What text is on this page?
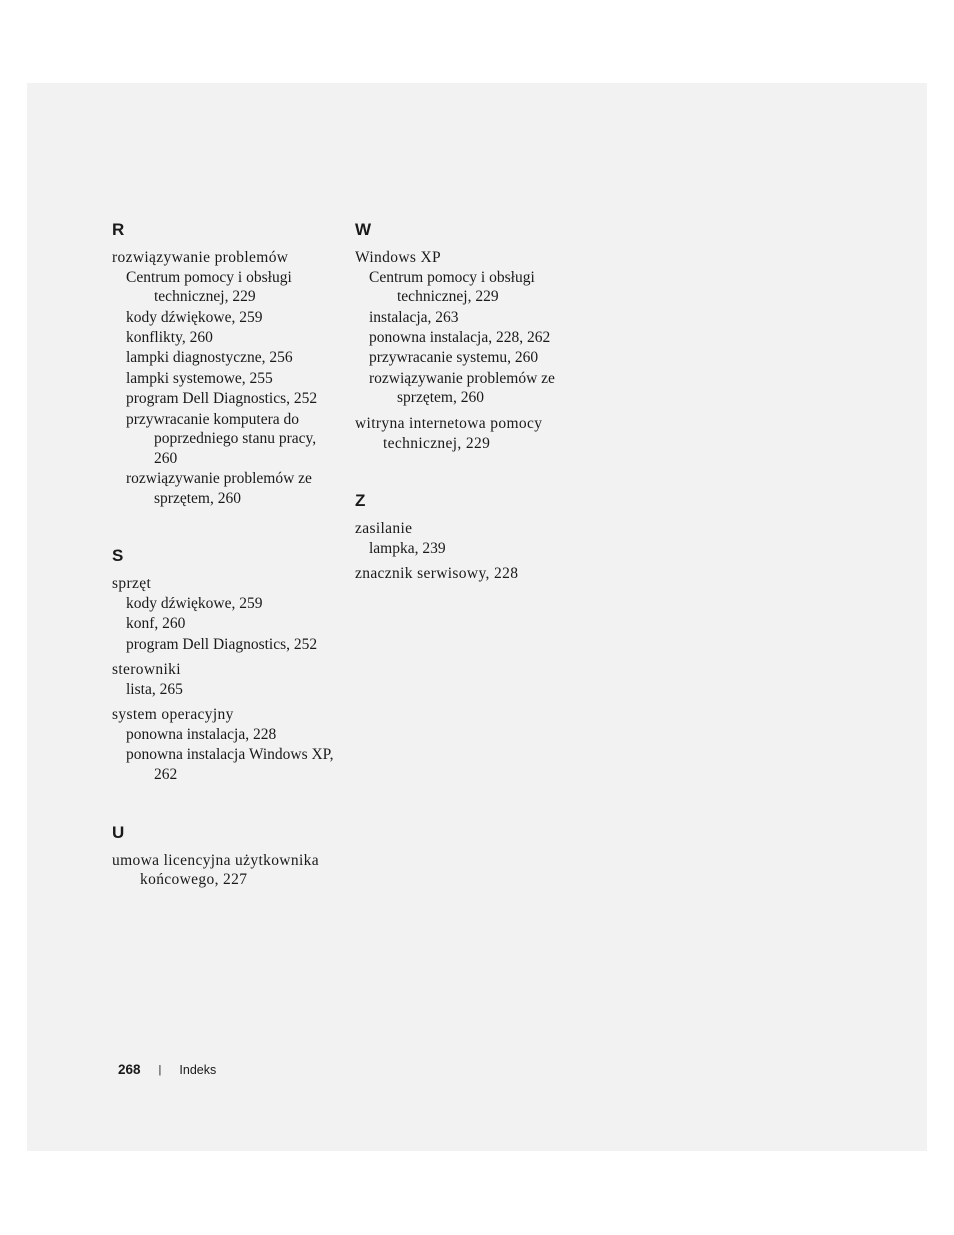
R
rozwiązywanie problemów
Centrum pomocy i obsługi technicznej, 229
kody dźwiękowe, 259
konflikty, 260
lampki diagnostyczne, 256
lampki systemowe, 255
program Dell Diagnostics, 252
przywracanie komputera do poprzedniego stanu pracy, 260
rozwiązywanie problemów ze sprzętem, 260
S
sprzęt
kody dźwiękowe, 259
konf, 260
program Dell Diagnostics, 252
sterowniki
lista, 265
system operacyjny
ponowna instalacja, 228
ponowna instalacja Windows XP, 262
U
umowa licencyjna użytkownika końcowego, 227
W
Windows XP
Centrum pomocy i obsługi technicznej, 229
instalacja, 263
ponowna instalacja, 228, 262
przywracanie systemu, 260
rozwiązywanie problemów ze sprzętem, 260
witryna internetowa pomocy technicznej, 229
Z
zasilanie
lampka, 239
znacznik serwisowy, 228
268 | Indeks
